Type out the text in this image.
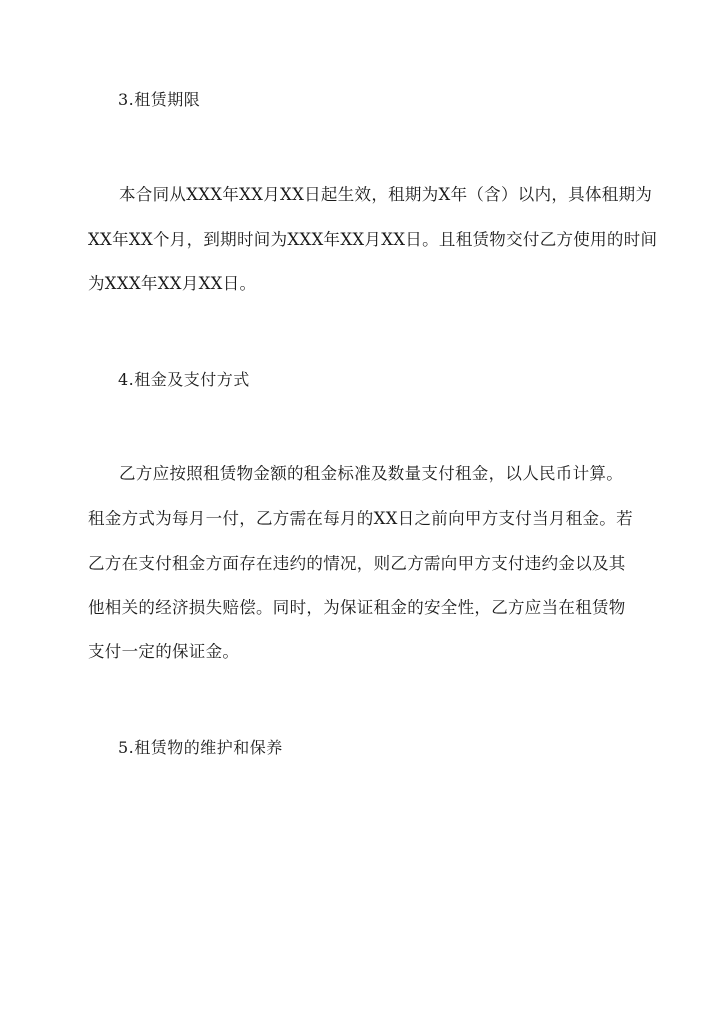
3.租赁期限

本合同从XXX年XX月XX日起生效，租期为X年（含）以内，具体租期为

XX年XX个月，到期时间为XXX年XX月XX日。且租赁物交付乙方使用的时间

为XXX年XX月XX日。

4.租金及支付方式

乙方应按照租赁物金额的租金标准及数量支付租金，以人民币计算。

租金方式为每月一付，乙方需在每月的XX日之前向甲方支付当月租金。若

乙方在支付租金方面存在违约的情况，则乙方需向甲方支付违约金以及其

他相关的经济损失赔偿。同时，为保证租金的安全性，乙方应当在租赁物

支付一定的保证金。

5.租赁物的维护和保养
